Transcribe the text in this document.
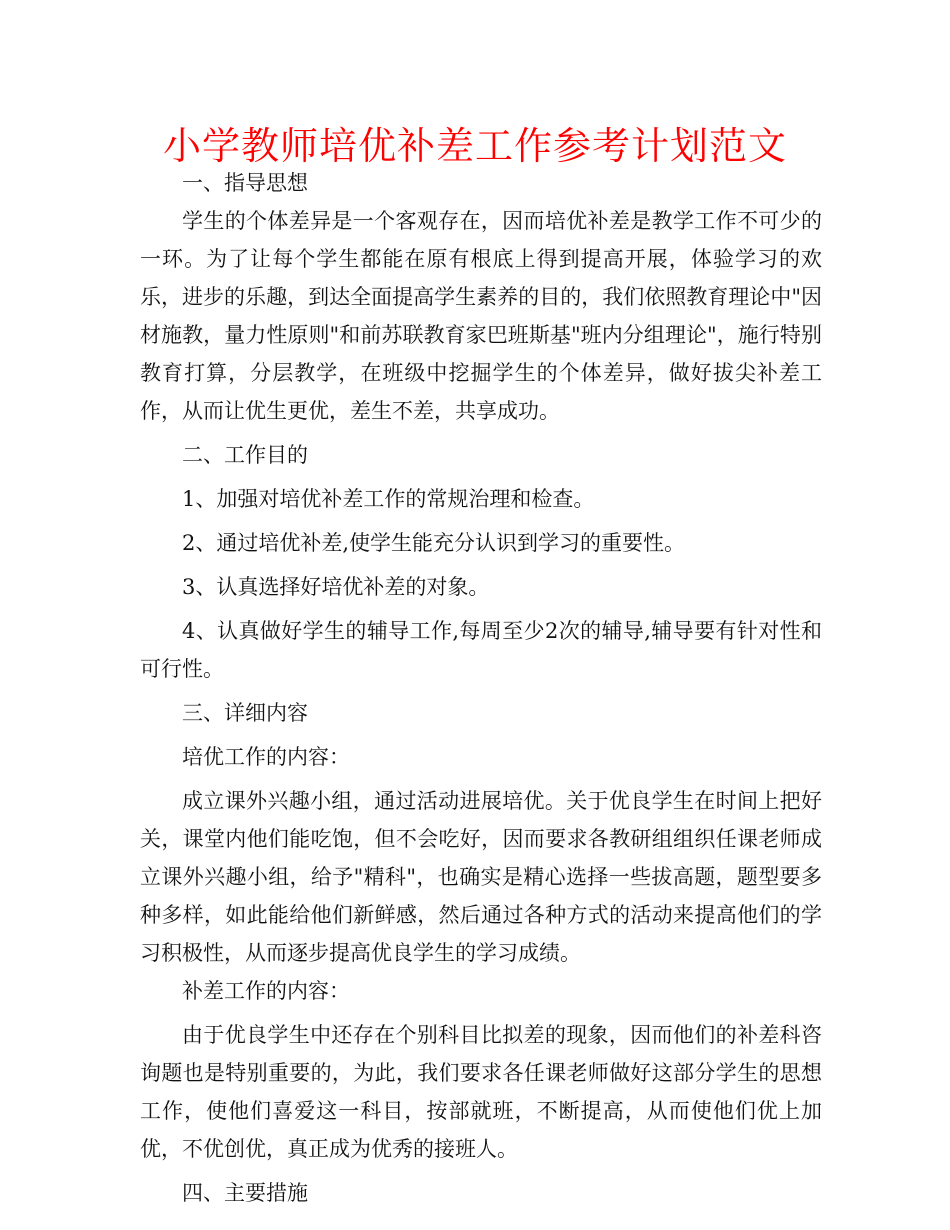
小学教师培优补差工作参考计划范文

一、指导思想

学生的个体差异是一个客观存在，因而培优补差是教学工作不可少的一环。为了让每个学生都能在原有根底上得到提高开展，体验学习的欢乐，进步的乐趣，到达全面提高学生素养的目的，我们依照教育理论中"因材施教，量力性原则"和前苏联教育家巴班斯基"班内分组理论"，施行特别教育打算，分层教学，在班级中挖掘学生的个体差异，做好拔尖补差工作，从而让优生更优，差生不差，共享成功。

二、工作目的

1、加强对培优补差工作的常规治理和检查。

2、通过培优补差,使学生能充分认识到学习的重要性。

3、认真选择好培优补差的对象。

4、认真做好学生的辅导工作,每周至少2次的辅导,辅导要有针对性和可行性。

三、详细内容

培优工作的内容：

成立课外兴趣小组，通过活动进展培优。关于优良学生在时间上把好关，课堂内他们能吃饱，但不会吃好，因而要求各教研组组织任课老师成立课外兴趣小组，给予"精科"，也确实是精心选择一些拔高题，题型要多种多样，如此能给他们新鲜感，然后通过各种方式的活动来提高他们的学习积极性，从而逐步提高优良学生的学习成绩。

补差工作的内容：

由于优良学生中还存在个别科目比拟差的现象，因而他们的补差科咨询题也是特别重要的，为此，我们要求各任课老师做好这部分学生的思想工作，使他们喜爱这一科目，按部就班，不断提高，从而使他们优上加优，不优创优，真正成为优秀的接班人。

四、主要措施
